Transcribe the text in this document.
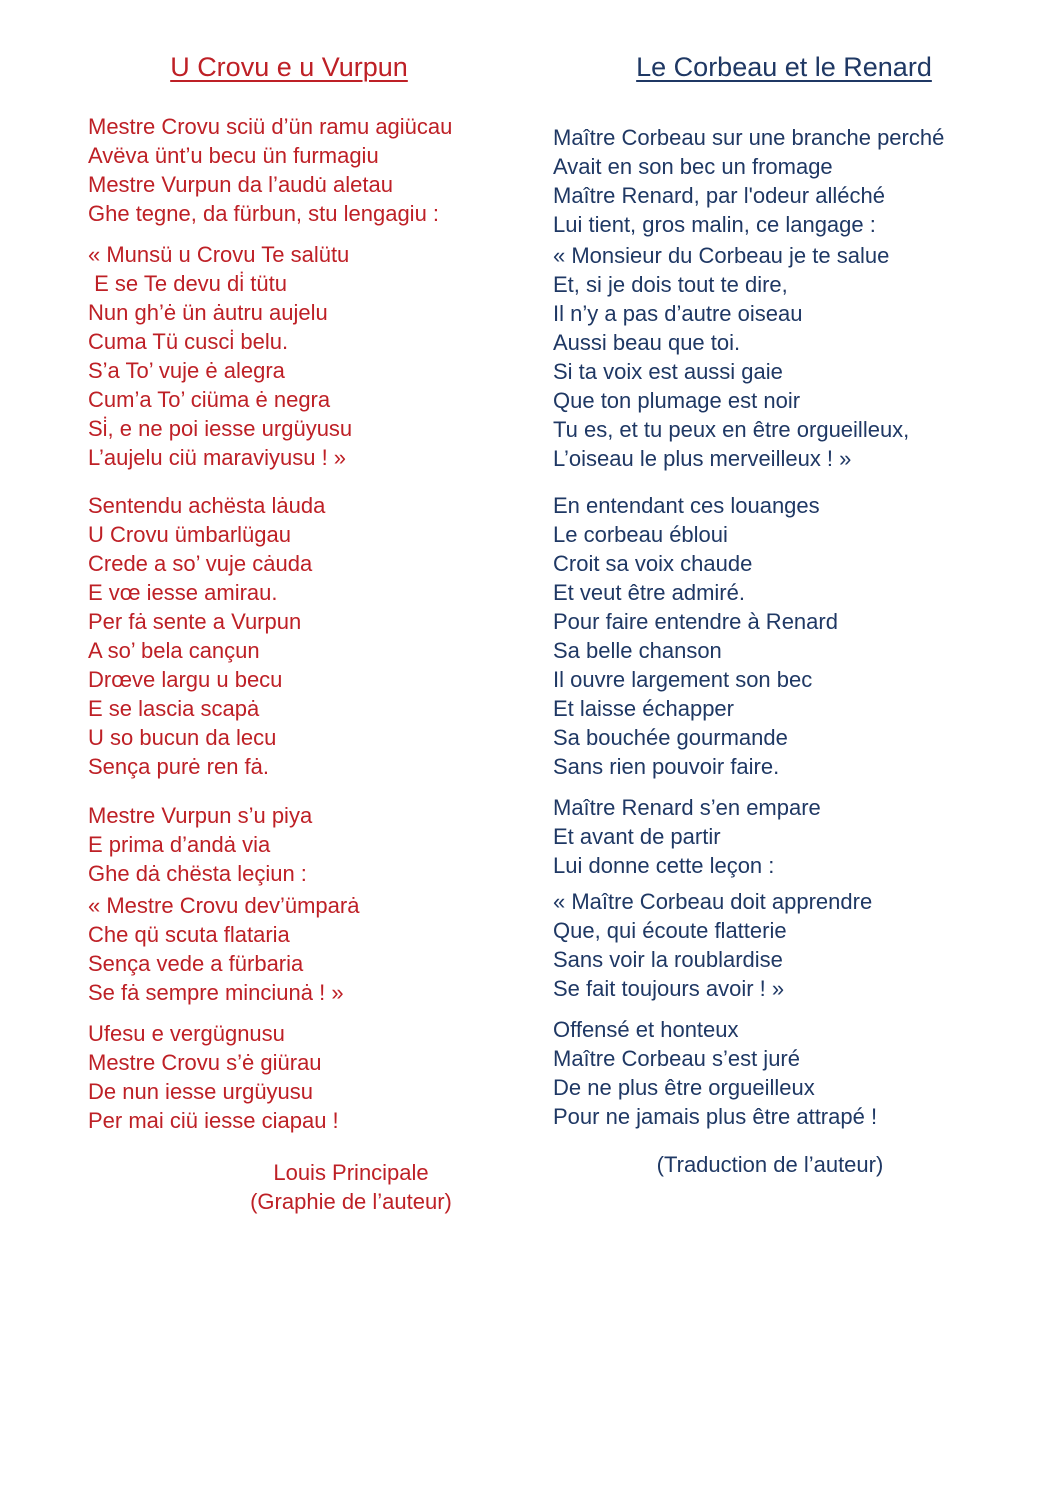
U Crovu e u Vurpun
Mestre Crovu sciü d’ün ramu agiücau
Avëva ünt’u becu ün furmagiu
Mestre Vurpun da l’audu̇ aletau
Ghe tegne, da fürbun, stu lengagiu :
« Munsü u Crovu Te salütu
E se Te devu di̇ tütu
Nun gh’ė ün ȧutru aujelu
Cuma Tü cusci̇ belu.
S’a To’ vuje ė alegra
Cum’a To’ ciüma ė negra
Si̇, e ne poi iesse urgüyusu
L’aujelu ciü maraviyusu ! »
Sentendu achësta lȧuda
U Crovu ümbarlügau
Crede a so’ vuje cȧuda
E vœ iesse amirau.
Per fȧ sente a Vurpun
A so’ bela cançun
Drœve largu u becu
E se lascia scapȧ
U so bucun da lecu
Sença purė ren fȧ.
Mestre Vurpun s’u piya
E prima d’andȧ via
Ghe dȧ chësta leçiun :
« Mestre Crovu dev’ümparȧ
Che qü scuta flataria
Sença vede a fürbaria
Se fȧ sempre minciunȧ ! »
Ufesu e vergügnusu
Mestre Crovu s’ė giürau
De nun iesse urgüyusu
Per mai ciü iesse ciapau !
Louis Principale
(Graphie de l’auteur)
Le Corbeau et le Renard
Maître Corbeau sur une branche perché
Avait en son bec un fromage
Maître Renard, par l'odeur alléché
Lui tient, gros malin, ce langage :
« Monsieur du Corbeau je te salue
Et, si je dois tout te dire,
Il n’y a pas d’autre oiseau
Aussi beau que toi.
Si ta voix est aussi gaie
Que ton plumage est noir
Tu es, et tu peux en être orgueilleux,
L’oiseau le plus merveilleux ! »
En entendant ces louanges
Le corbeau ébloui
Croit sa voix chaude
Et veut être admiré.
Pour faire entendre à Renard
Sa belle chanson
Il ouvre largement son bec
Et laisse échapper
Sa bouchée gourmande
Sans rien pouvoir faire.
Maître Renard s’en empare
Et avant de partir
Lui donne cette leçon :
« Maître Corbeau doit apprendre
Que, qui écoute flatterie
Sans voir la roublardise
Se fait toujours avoir ! »
Offensé et honteux
Maître Corbeau s’est juré
De ne plus être orgueilleux
Pour ne jamais plus être attrapé !
(Traduction de l’auteur)
